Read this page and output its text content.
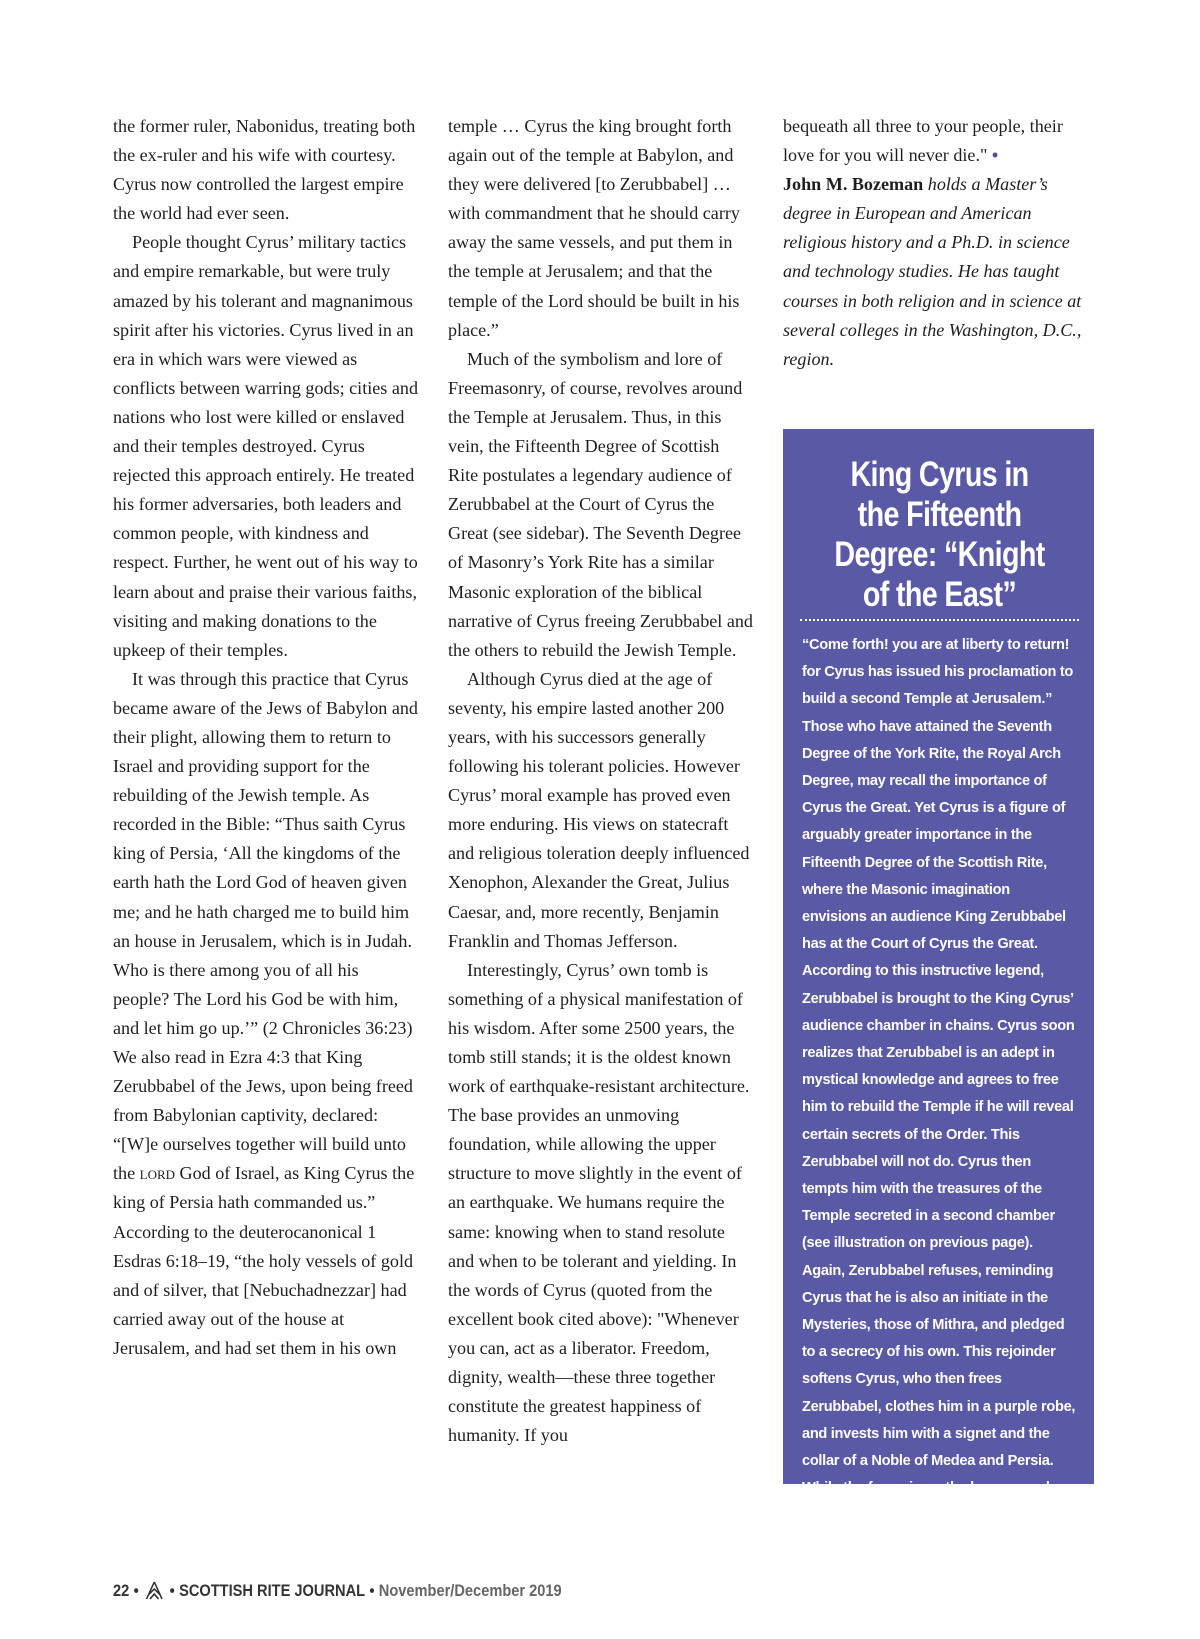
the former ruler, Nabonidus, treating both the ex-ruler and his wife with courtesy. Cyrus now controlled the largest empire the world had ever seen.

People thought Cyrus’ military tactics and empire remarkable, but were truly amazed by his tolerant and magnanimous spirit after his victories. Cyrus lived in an era in which wars were viewed as conflicts between warring gods; cities and nations who lost were killed or enslaved and their temples destroyed. Cyrus rejected this approach entirely. He treated his former adversaries, both leaders and common people, with kindness and respect. Further, he went out of his way to learn about and praise their various faiths, visiting and making donations to the upkeep of their temples.

It was through this practice that Cyrus became aware of the Jews of Babylon and their plight, allowing them to return to Israel and providing support for the rebuilding of the Jewish temple. As recorded in the Bible: “Thus saith Cyrus king of Persia, ‘All the kingdoms of the earth hath the Lord God of heaven given me; and he hath charged me to build him an house in Jerusalem, which is in Judah. Who is there among you of all his people? The Lord his God be with him, and let him go up.’” (2 Chronicles 36:23) We also read in Ezra 4:3 that King Zerubbabel of the Jews, upon being freed from Babylonian captivity, declared: “[W]e ourselves together will build unto the lord God of Israel, as King Cyrus the king of Persia hath commanded us.” According to the deuterocanonical 1 Esdras 6:18–19, “the holy vessels of gold and of silver, that [Nebuchadnezzar] had carried away out of the house at Jerusalem, and had set them in his own

temple … Cyrus the king brought forth again out of the temple at Babylon, and they were delivered [to Zerubbabel] … with commandment that he should carry away the same vessels, and put them in the temple at Jerusalem; and that the temple of the Lord should be built in his place.”

Much of the symbolism and lore of Freemasonry, of course, revolves around the Temple at Jerusalem. Thus, in this vein, the Fifteenth Degree of Scottish Rite postulates a legendary audience of Zerubbabel at the Court of Cyrus the Great (see sidebar). The Seventh Degree of Masonry’s York Rite has a similar Masonic exploration of the biblical narrative of Cyrus freeing Zerubbabel and the others to rebuild the Jewish Temple.

Although Cyrus died at the age of seventy, his empire lasted another 200 years, with his successors generally following his tolerant policies. However Cyrus’ moral example has proved even more enduring. His views on statecraft and religious toleration deeply influenced Xenophon, Alexander the Great, Julius Caesar, and, more recently, Benjamin Franklin and Thomas Jefferson.

Interestingly, Cyrus’ own tomb is something of a physical manifestation of his wisdom. After some 2500 years, the tomb still stands; it is the oldest known work of earthquake-resistant architecture. The base provides an unmoving foundation, while allowing the upper structure to move slightly in the event of an earthquake. We humans require the same: knowing when to stand resolute and when to be tolerant and yielding. In the words of Cyrus (quoted from the excellent book cited above): "Whenever you can, act as a liberator. Freedom, dignity, wealth—these three together constitute the greatest happiness of humanity. If you

bequeath all three to your people, their love for you will never die." •

John M. Bozeman holds a Master’s degree in European and American religious history and a Ph.D. in science and technology studies. He has taught courses in both religion and in science at several colleges in the Washington, D.C., region.

King Cyrus in the Fifteenth Degree: “Knight of the East”

“Come forth! you are at liberty to return! for Cyrus has issued his proclamation to build a second Temple at Jerusalem.” Those who have attained the Seventh Degree of the York Rite, the Royal Arch Degree, may recall the importance of Cyrus the Great. Yet Cyrus is a figure of arguably greater importance in the Fifteenth Degree of the Scottish Rite, where the Masonic imagination envisions an audience King Zerubbabel has at the Court of Cyrus the Great. According to this instructive legend, Zerubbabel is brought to the King Cyrus’ audience chamber in chains. Cyrus soon realizes that Zerubbabel is an adept in mystical knowledge and agrees to free him to rebuild the Temple if he will reveal certain secrets of the Order. This Zerubbabel will not do. Cyrus then tempts him with the treasures of the Temple secreted in a second chamber (see illustration on previous page). Again, Zerubbabel refuses, reminding Cyrus that he is also an initiate in the Mysteries, those of Mithra, and pledged to a secrecy of his own. This rejoinder softens Cyrus, who then frees Zerubbabel, clothes him in a purple robe, and invests him with a signet and the collar of a Noble of Medea and Persia. While the focus is on the bravery and loyalty of Zerubbabel, Cyrus is shown as a patient and tolerant human being capable of mercy and himself being an initiate into the mysteries, even having some knowledge of the True Word.

22 • • SCOTTISH RITE JOURNAL • November/December 2019
